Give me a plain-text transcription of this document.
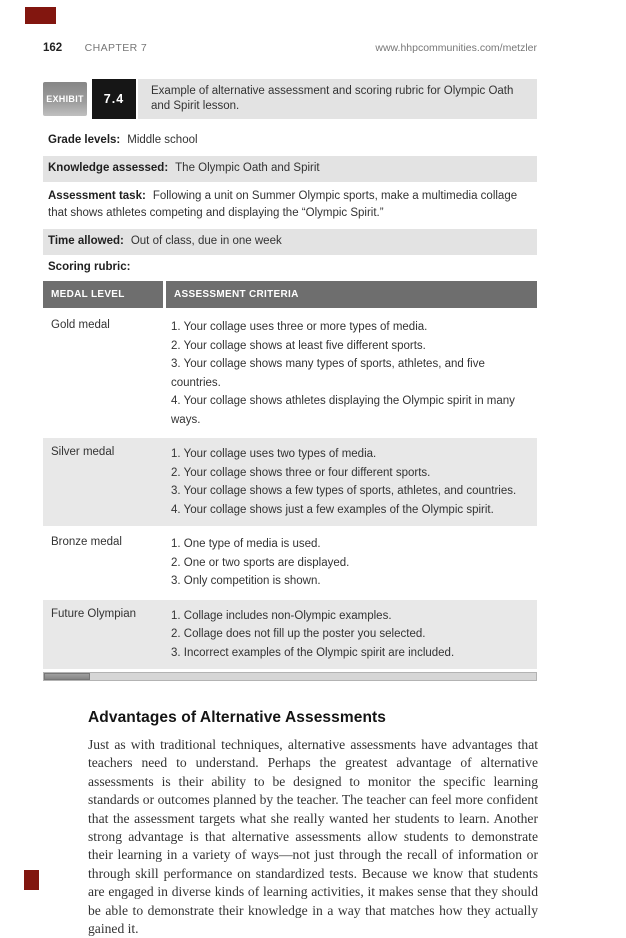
162 CHAPTER 7	www.hhpcommunities.com/metzler
EXHIBIT	7.4
Example of alternative assessment and scoring rubric for Olympic Oath and Spirit lesson.
Grade levels: Middle school
Knowledge assessed: The Olympic Oath and Spirit
Assessment task: Following a unit on Summer Olympic sports, make a multimedia collage that shows athletes competing and displaying the “Olympic Spirit.”
Time allowed: Out of class, due in one week
Scoring rubric:
MEDAL LEVEL	ASSESSMENT CRITERIA
Gold medal	1. Your collage uses three or more types of media.
2. Your collage shows at least five different sports.
3. Your collage shows many types of sports, athletes, and five countries.
4. Your collage shows athletes displaying the Olympic spirit in many ways.
Silver medal	1. Your collage uses two types of media.
2. Your collage shows three or four different sports.
3. Your collage shows a few types of sports, athletes, and countries.
4. Your collage shows just a few examples of the Olympic spirit.
Bronze medal	1. One type of media is used.
2. One or two sports are displayed.
3. Only competition is shown.
Future Olympian	1. Collage includes non-Olympic examples.
2. Collage does not fill up the poster you selected.
3. Incorrect examples of the Olympic spirit are included.
Advantages of Alternative Assessments

Just as with traditional techniques, alternative assessments have advantages that teachers need to understand. Perhaps the greatest advantage of alternative assessments is their ability to be designed to monitor the specific learning standards or outcomes planned by the teacher. The teacher can feel more confident that the assessment targets what she really wanted her students to learn. Another strong advantage is that alternative assessments allow students to demonstrate their learning in a variety of ways—not just through the recall of information or through skill performance on standardized tests. Because we know that students are engaged in diverse kinds of learning activities, it makes sense that they should be able to demonstrate their knowledge in a way that matches how they actually gained it.
